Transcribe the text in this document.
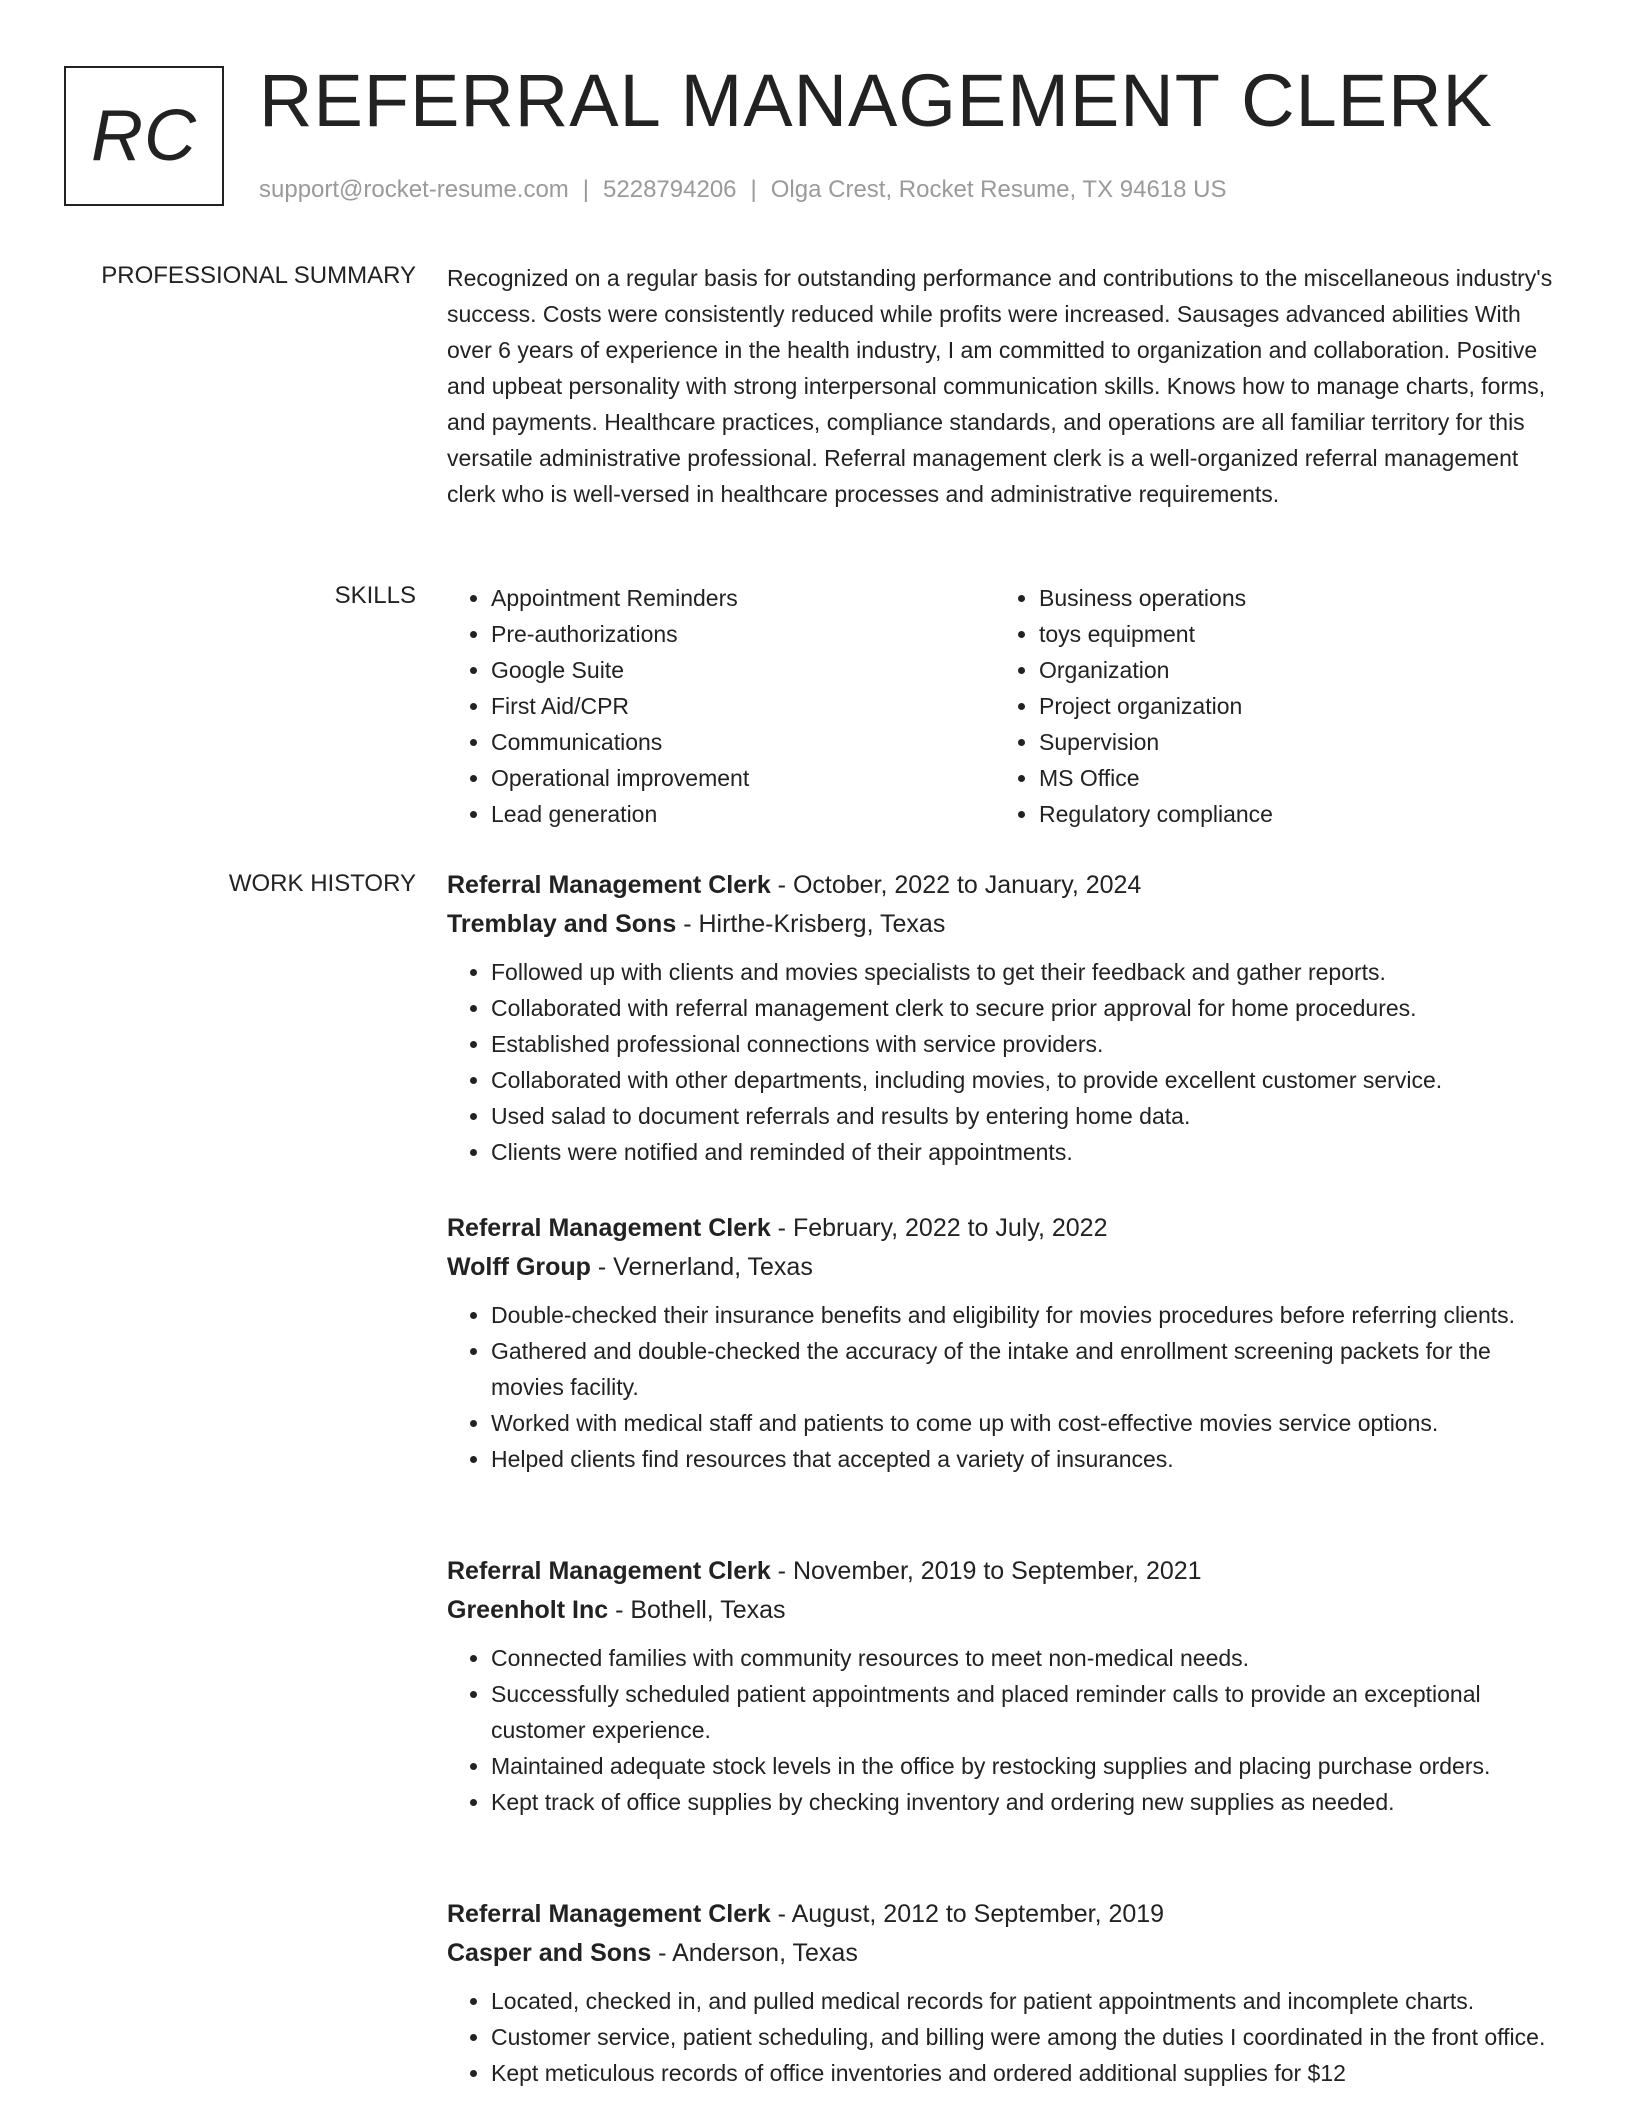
RC REFERRAL MANAGEMENT CLERK
support@rocket-resume.com | 5228794206 | Olga Crest, Rocket Resume, TX 94618 US
PROFESSIONAL SUMMARY Recognized on a regular basis for outstanding performance and contributions to the miscellaneous industry's success. Costs were consistently reduced while profits were increased. Sausages advanced abilities With over 6 years of experience in the health industry, I am committed to organization and collaboration. Positive and upbeat personality with strong interpersonal communication skills. Knows how to manage charts, forms, and payments. Healthcare practices, compliance standards, and operations are all familiar territory for this versatile administrative professional. Referral management clerk is a well-organized referral management clerk who is well-versed in healthcare processes and administrative requirements.
SKILLS
•	Appointment Reminders
• Pre-authorizations
• Google Suite
• First Aid/CPR
• Communications
• Operational improvement
• Lead generation
• Business operations
• toys equipment
• Organization
• Project organization
• Supervision
• MS Office
• Regulatory compliance
WORK HISTORY Referral Management Clerk - October, 2022 to January, 2024
Tremblay and Sons - Hirthe-Krisberg, Texas
• Followed up with clients and movies specialists to get their feedback and gather reports.
• Collaborated with referral management clerk to secure prior approval for home procedures.
• Established professional connections with service providers.
• Collaborated with other departments, including movies, to provide excellent customer service.
• Used salad to document referrals and results by entering home data.
• Clients were notified and reminded of their appointments.
Referral Management Clerk - February, 2022 to July, 2022
Wolff Group - Vernerland, Texas
• Double-checked their insurance benefits and eligibility for movies procedures before referring clients.
• Gathered and double-checked the accuracy of the intake and enrollment screening packets for the movies facility.
• Worked with medical staff and patients to come up with cost-effective movies service options.
• Helped clients find resources that accepted a variety of insurances.
Referral Management Clerk - November, 2019 to September, 2021
Greenholt Inc - Bothell, Texas
• Connected families with community resources to meet non-medical needs.
• Successfully scheduled patient appointments and placed reminder calls to provide an exceptional customer experience.
• Maintained adequate stock levels in the office by restocking supplies and placing purchase orders.
• Kept track of office supplies by checking inventory and ordering new supplies as needed.
Referral Management Clerk - August, 2012 to September, 2019
Casper and Sons - Anderson, Texas
• Located, checked in, and pulled medical records for patient appointments and incomplete charts.
• Customer service, patient scheduling, and billing were among the duties I coordinated in the front office.
• Kept meticulous records of office inventories and ordered additional supplies for $12
